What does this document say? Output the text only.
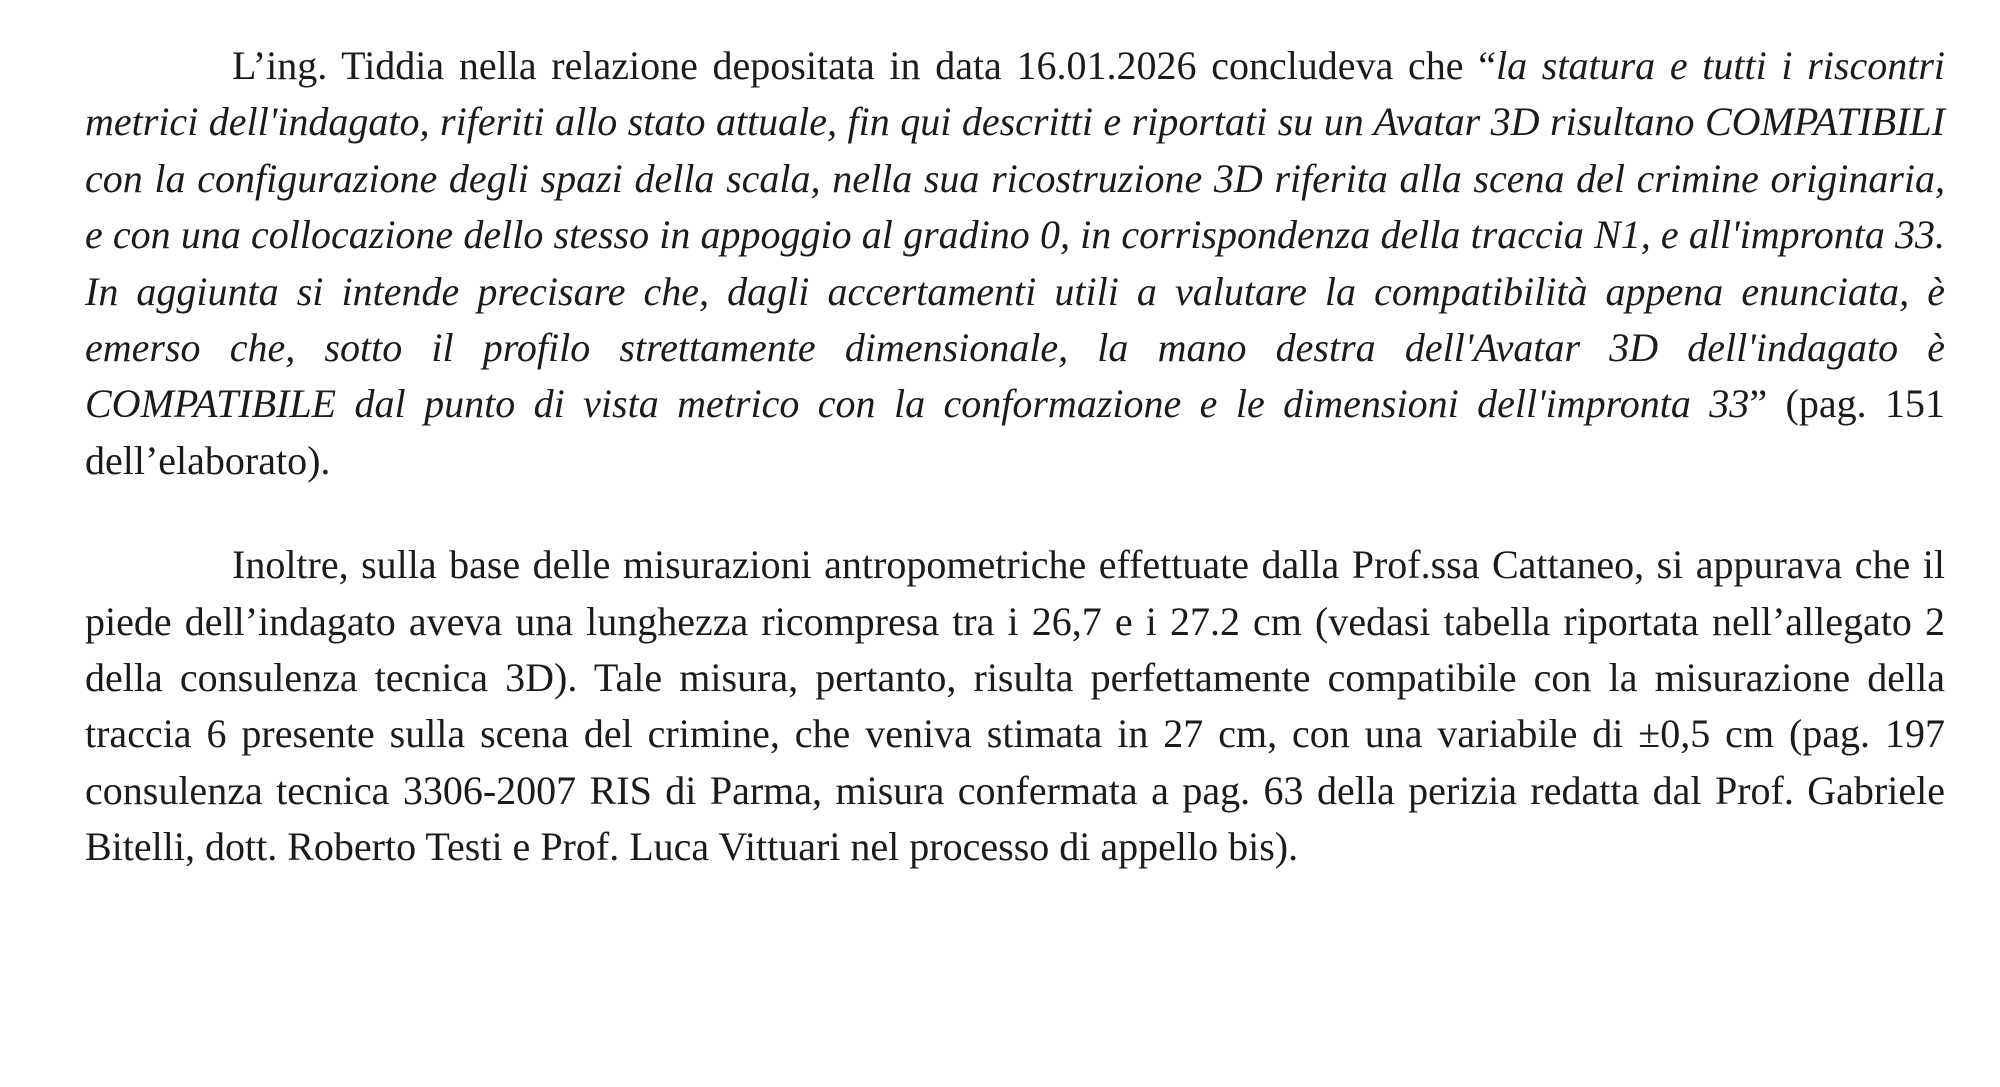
L’ing. Tiddia nella relazione depositata in data 16.01.2026 concludeva che “la statura e tutti i riscontri metrici dell'indagato, riferiti allo stato attuale, fin qui descritti e riportati su un Avatar 3D risultano COMPATIBILI con la configurazione degli spazi della scala, nella sua ricostruzione 3D riferita alla scena del crimine originaria, e con una collocazione dello stesso in appoggio al gradino 0, in corrispondenza della traccia N1, e all'impronta 33. In aggiunta si intende precisare che, dagli accertamenti utili a valutare la compatibilità appena enunciata, è emerso che, sotto il profilo strettamente dimensionale, la mano destra dell'Avatar 3D dell'indagato è COMPATIBILE dal punto di vista metrico con la conformazione e le dimensioni dell'impronta 33” (pag. 151 dell’elaborato).

Inoltre, sulla base delle misurazioni antropometriche effettuate dalla Prof.ssa Cattaneo, si appurava che il piede dell’indagato aveva una lunghezza ricompresa tra i 26,7 e i 27.2 cm (vedasi tabella riportata nell’allegato 2 della consulenza tecnica 3D). Tale misura, pertanto, risulta perfettamente compatibile con la misurazione della traccia 6 presente sulla scena del crimine, che veniva stimata in 27 cm, con una variabile di ±0,5 cm (pag. 197 consulenza tecnica 3306-2007 RIS di Parma, misura confermata a pag. 63 della perizia redatta dal Prof. Gabriele Bitelli, dott. Roberto Testi e Prof. Luca Vittuari nel processo di appello bis).
